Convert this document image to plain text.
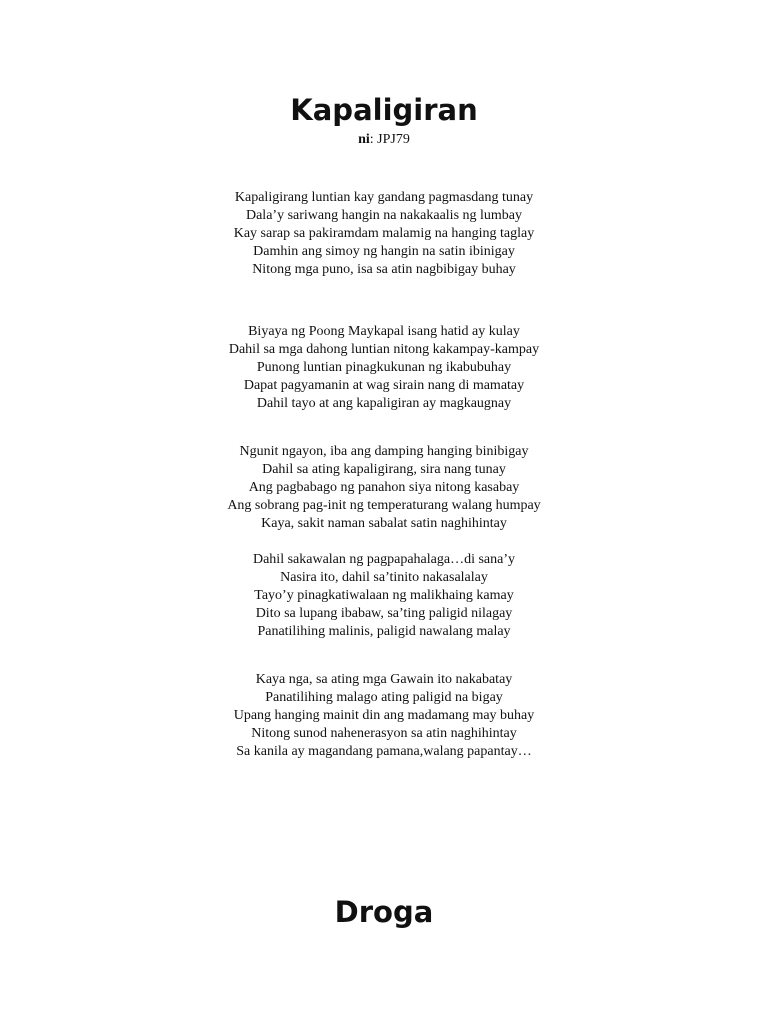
Kapaligiran
ni: JPJ79
Kapaligirang luntian kay gandang pagmasdang tunay
Dala’y sariwang hangin na nakakaalis ng lumbay
Kay sarap sa pakiramdam malamig na hanging taglay
Damhin ang simoy ng hangin na satin ibinigay
Nitong mga puno, isa sa atin nagbibigay buhay
Biyaya ng Poong Maykapal isang hatid ay kulay
Dahil sa mga dahong luntian nitong kakampay-kampay
Punong luntian pinagkukunan ng ikabubuhay
Dapat pagyamanin at wag sirain nang di mamatay
Dahil tayo at ang kapaligiran ay magkaugnay
Ngunit ngayon, iba ang damping hanging binibigay
Dahil sa ating kapaligirang, sira nang tunay
Ang pagbabago ng panahon siya nitong kasabay
Ang sobrang pag-init ng temperaturang walang humpay
Kaya, sakit naman sabalat satin naghihintay
Dahil sakawalan ng pagpapahalaga…di sana’y
Nasira ito, dahil sa’tinito nakasalalay
Tayo’y pinagkatiwalaan ng malikhaing kamay
Dito sa lupang ibabaw, sa’ting paligid nilagay
Panatilihing malinis, paligid nawalang malay
Kaya nga, sa ating mga Gawain ito nakabatay
Panatilihing malago ating paligid na bigay
Upang hanging mainit din ang madamang may buhay
Nitong sunod nahenerasyon sa atin naghihintay
Sa kanila ay magandang pamana,walang papantay…
Droga
